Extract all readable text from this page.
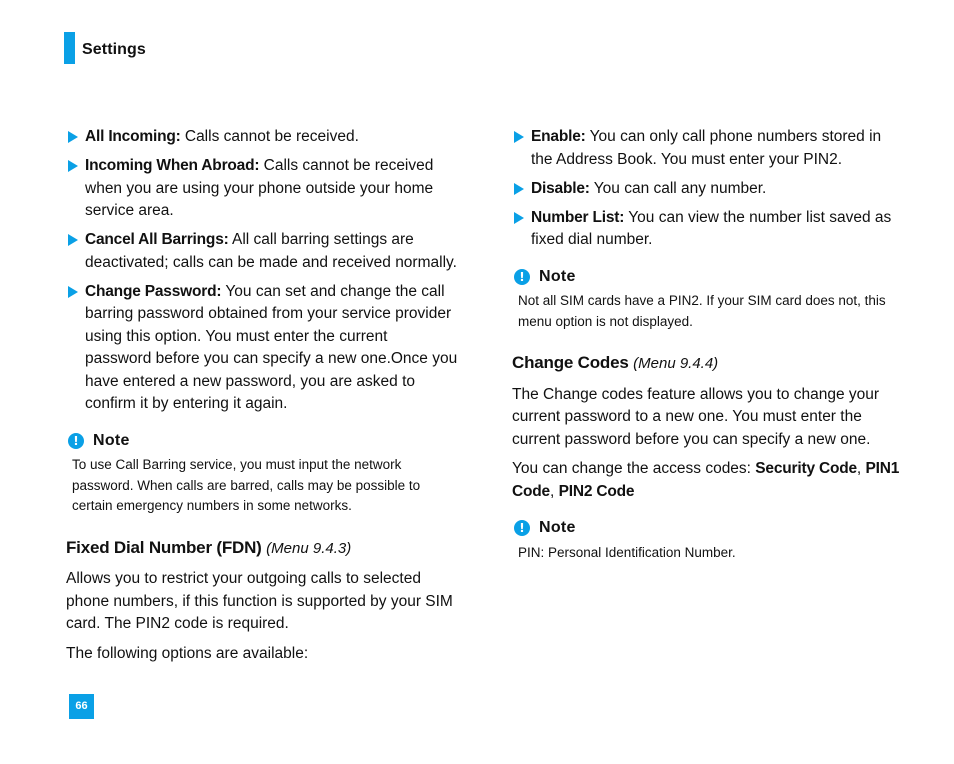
Settings
All Incoming: Calls cannot be received.
Incoming When Abroad: Calls cannot be received when you are using your phone outside your home service area.
Cancel All Barrings: All call barring settings are deactivated; calls can be made and received normally.
Change Password: You can set and change the call barring password obtained from your service provider using this option. You must enter the current password before you can specify a new one.Once you have entered a new password, you are asked to confirm it by entering it again.
! Note
To use Call Barring service, you must input the network password. When calls are barred, calls may be possible to certain emergency numbers in some networks.
Fixed Dial Number (FDN) (Menu 9.4.3)
Allows you to restrict your outgoing calls to selected phone numbers, if this function is supported by your SIM card. The PIN2 code is required.
The following options are available:
Enable: You can only call phone numbers stored in the Address Book. You must enter your PIN2.
Disable: You can call any number.
Number List: You can view the number list saved as fixed dial number.
! Note
Not all SIM cards have a PIN2. If your SIM card does not, this menu option is not displayed.
Change Codes (Menu 9.4.4)
The Change codes feature allows you to change your current password to a new one. You must enter the current password before you can specify a new one.
You can change the access codes: Security Code, PIN1 Code, PIN2 Code
! Note
PIN: Personal Identification Number.
66
